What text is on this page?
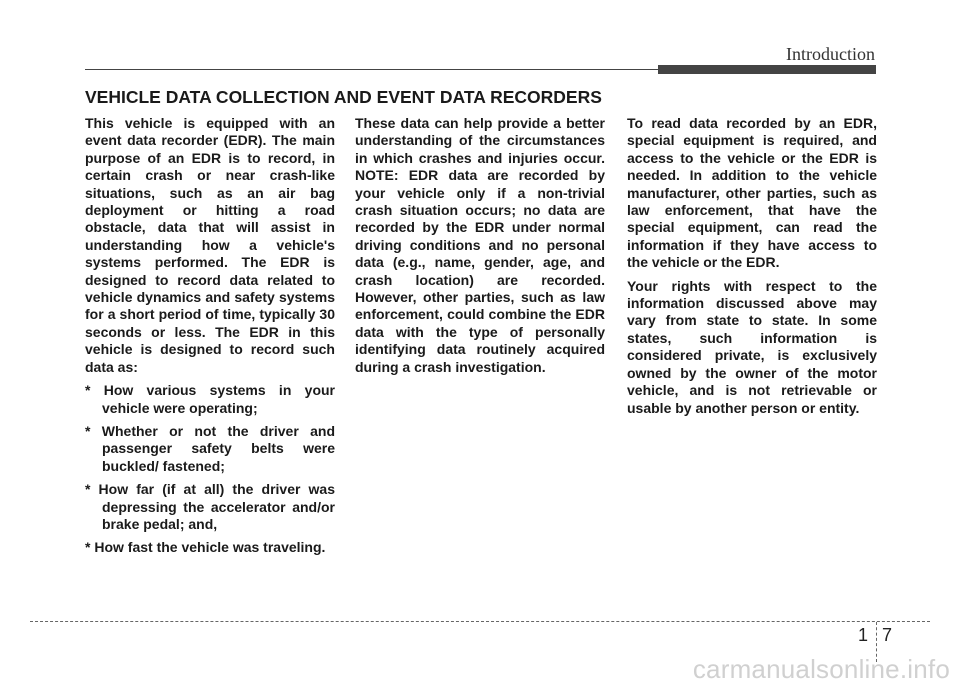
Introduction
VEHICLE DATA COLLECTION AND EVENT DATA RECORDERS

This vehicle is equipped with an event data recorder (EDR). The main purpose of an EDR is to record, in certain crash or near crash-like situations, such as an air bag deployment or hitting a road obstacle, data that will assist in understanding how a vehicle's systems performed. The EDR is designed to record data related to vehicle dynamics and safety systems for a short period of time, typically 30 seconds or less. The EDR in this vehicle is designed to record such data as:

* How various systems in your vehicle were operating;

* Whether or not the driver and passenger safety belts were buckled/ fastened;

* How far (if at all) the driver was depressing the accelerator and/or brake pedal; and,

* How fast the vehicle was traveling.

These data can help provide a better understanding of the circumstances in which crashes and injuries occur. NOTE: EDR data are recorded by your vehicle only if a non-trivial crash situation occurs; no data are recorded by the EDR under normal driving conditions and no personal data (e.g., name, gender, age, and crash location) are recorded. However, other parties, such as law enforcement, could combine the EDR data with the type of personally identifying data routinely acquired during a crash investigation.

To read data recorded by an EDR, special equipment is required, and access to the vehicle or the EDR is needed. In addition to the vehicle manufacturer, other parties, such as law enforcement, that have the special equipment, can read the information if they have access to the vehicle or the EDR.

Your rights with respect to the information discussed above may vary from state to state. In some states, such information is considered private, is exclusively owned by the owner of the motor vehicle, and is not retrievable or usable by another person or entity.

1 7
carmanualsonline.info
